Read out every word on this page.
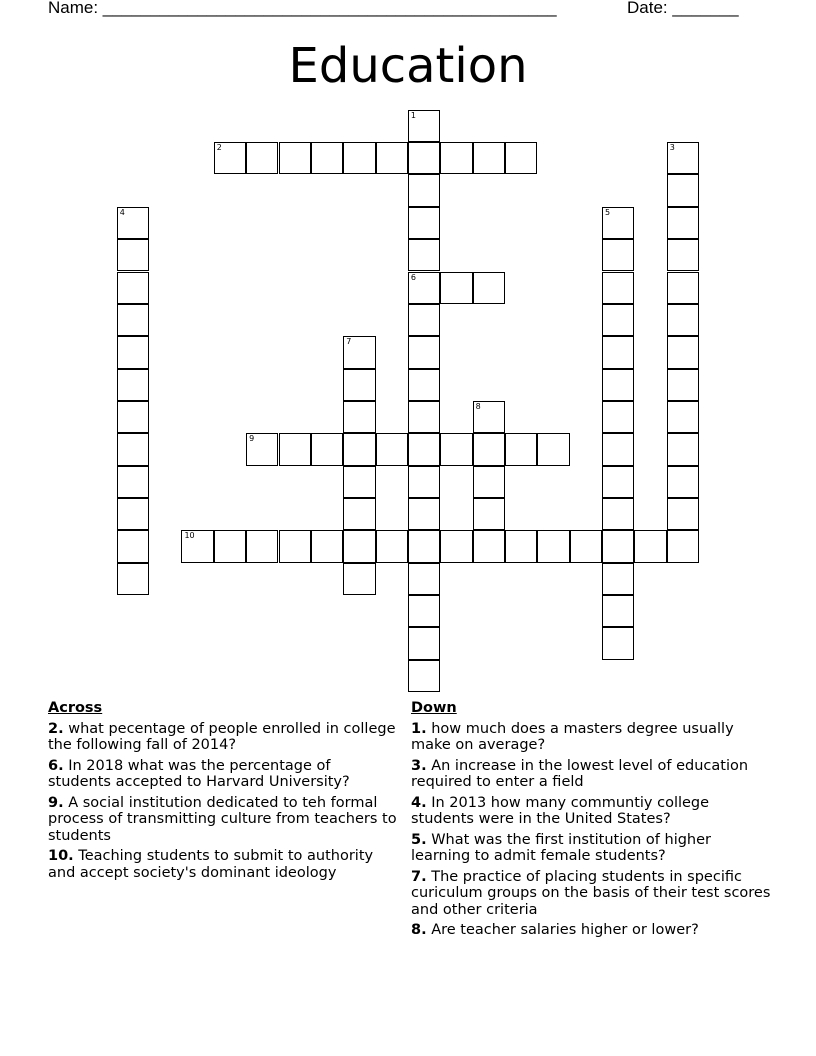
Name: ________________________________________________	Date: _______
Education
1
6
2	3
4	5
7
8
9
10
Across
2. what pecentage of people enrolled in college the following fall of 2014?
6. In 2018 what was the percentage of students accepted to Harvard University?
9. A social institution dedicated to teh formal process of transmitting culture from teachers to students
10. Teaching students to submit to authority and accept society's dominant ideology
Down
1. how much does a masters degree usually make on average?
3. An increase in the lowest level of education required to enter a field
4. In 2013 how many communtiy college students were in the United States?
5. What was the first institution of higher learning to admit female students?
7. The practice of placing students in specific curiculum groups on the basis of their test scores and other criteria
8. Are teacher salaries higher or lower?
